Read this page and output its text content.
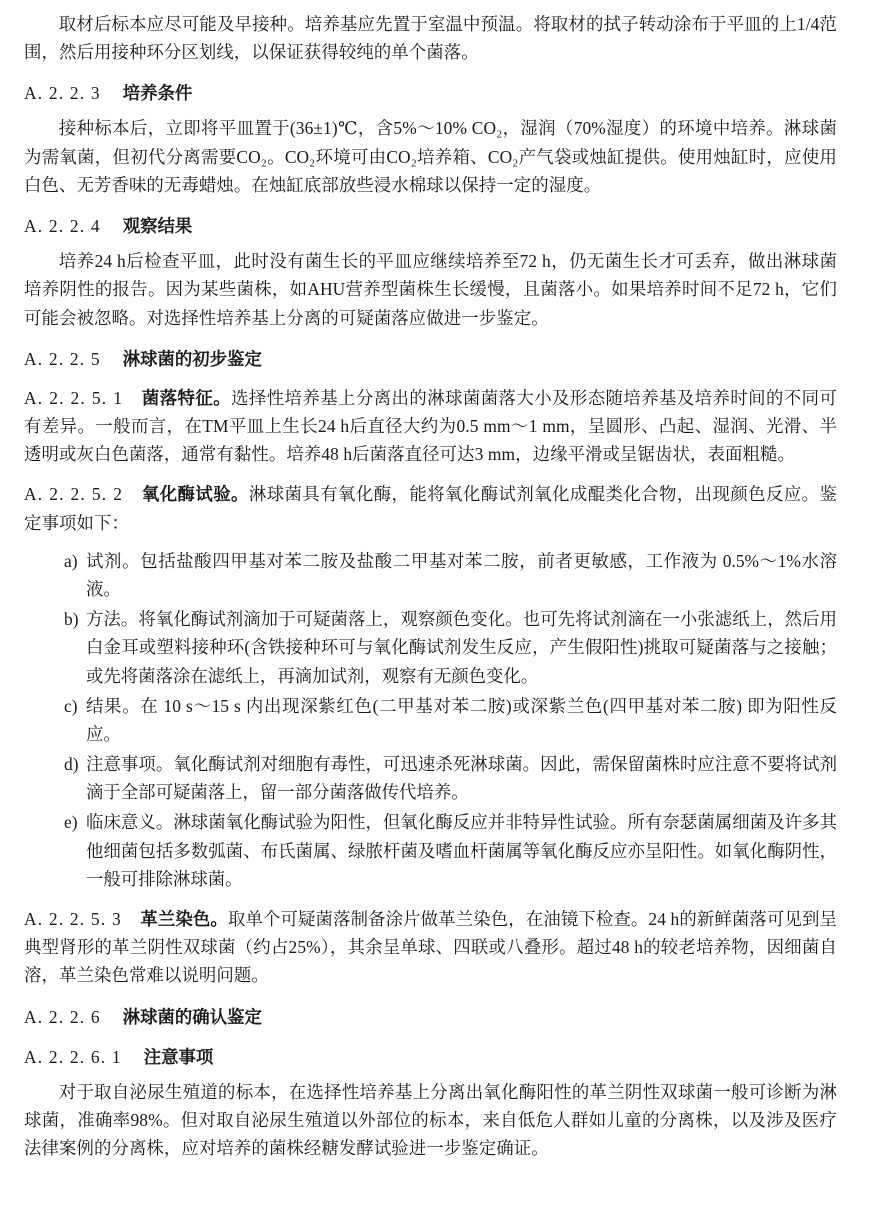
取材后标本应尽可能及早接种。培养基应先置于室温中预温。将取材的拭子转动涂布于平皿的上1/4范围，然后用接种环分区划线，以保证获得较纯的单个菌落。

A. 2. 2. 3 培养条件

接种标本后，立即将平皿置于(36±1)℃，含5%～10% CO₂，湿润（70%湿度）的环境中培养。淋球菌为需氧菌，但初代分离需要CO₂。CO₂环境可由CO₂培养箱、CO₂产气袋或烛缸提供。使用烛缸时，应使用白色、无芳香味的无毒蜡烛。在烛缸底部放些浸水棉球以保持一定的湿度。

A. 2. 2. 4 观察结果

培养24 h后检查平皿，此时没有菌生长的平皿应继续培养至72 h，仍无菌生长才可丢弃，做出淋球菌培养阴性的报告。因为某些菌株，如AHU营养型菌株生长缓慢，且菌落小。如果培养时间不足72 h，它们可能会被忽略。对选择性培养基上分离的可疑菌落应做进一步鉴定。

A. 2. 2. 5 淋球菌的初步鉴定

A. 2. 2. 5. 1 菌落特征。选择性培养基上分离出的淋球菌菌落大小及形态随培养基及培养时间的不同可有差异。一般而言，在TM平皿上生长24 h后直径大约为0.5 mm～1 mm，呈圆形、凸起、湿润、光滑、半透明或灰白色菌落，通常有黏性。培养48 h后菌落直径可达3 mm，边缘平滑或呈锯齿状，表面粗糙。

A. 2. 2. 5. 2 氧化酶试验。淋球菌具有氧化酶，能将氧化酶试剂氧化成醌类化合物，出现颜色反应。鉴定事项如下：

a) 试剂。包括盐酸四甲基对苯二胺及盐酸二甲基对苯二胺，前者更敏感，工作液为 0.5%～1%水溶液。
b) 方法。将氧化酶试剂滴加于可疑菌落上，观察颜色变化。也可先将试剂滴在一小张滤纸上，然后用白金耳或塑料接种环(含铁接种环可与氧化酶试剂发生反应，产生假阳性)挑取可疑菌落与之接触；或先将菌落涂在滤纸上，再滴加试剂，观察有无颜色变化。
c) 结果。在 10 s～15 s 内出现深紫红色(二甲基对苯二胺)或深紫兰色(四甲基对苯二胺) 即为阳性反应。
d) 注意事项。氧化酶试剂对细胞有毒性，可迅速杀死淋球菌。因此，需保留菌株时应注意不要将试剂滴于全部可疑菌落上，留一部分菌落做传代培养。
e) 临床意义。淋球菌氧化酶试验为阳性，但氧化酶反应并非特异性试验。所有奈瑟菌属细菌及许多其他细菌包括多数弧菌、布氏菌属、绿脓杆菌及嗜血杆菌属等氧化酶反应亦呈阳性。如氧化酶阴性，一般可排除淋球菌。

A. 2. 2. 5. 3 革兰染色。取单个可疑菌落制备涂片做革兰染色，在油镜下检查。24 h的新鲜菌落可见到呈典型肾形的革兰阴性双球菌（约占25%），其余呈单球、四联或八叠形。超过48 h的较老培养物，因细菌自溶，革兰染色常难以说明问题。

A. 2. 2. 6 淋球菌的确认鉴定
A. 2. 2. 6. 1 注意事项

对于取自泌尿生殖道的标本，在选择性培养基上分离出氧化酶阳性的革兰阴性双球菌一般可诊断为淋球菌，准确率98%。但对取自泌尿生殖道以外部位的标本，来自低危人群如儿童的分离株，以及涉及医疗法律案例的分离株，应对培养的菌株经糖发酵试验进一步鉴定确证。
